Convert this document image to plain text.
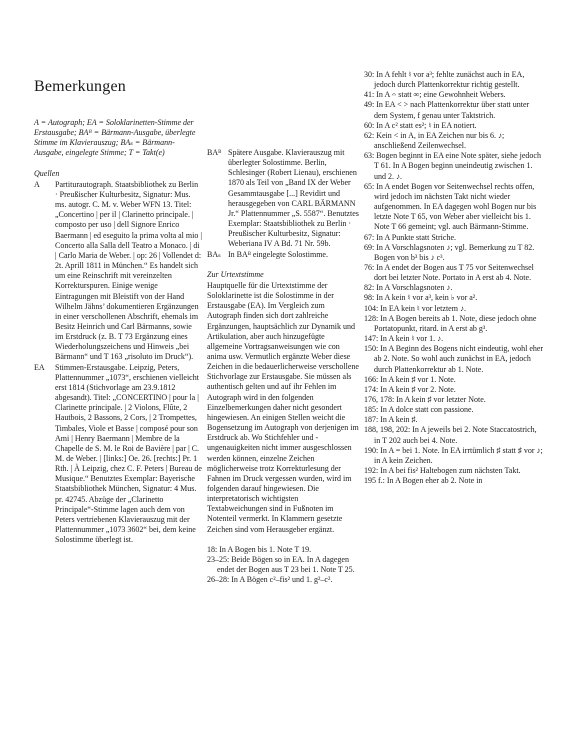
Bemerkungen

A = Autograph; EA = Soloklarinetten-Stimme der Erstausgabe; BAᴮ = Bärmann-Ausgabe, überlegte Stimme im Klavierauszug; BAₛ = Bärmann-Ausgabe, eingelegte Stimme; T = Takt(e)

Quellen
A	Partiturautograph. Staatsbibliothek zu Berlin · Preußischer Kulturbesitz, Signatur: Mus. ms. autogr. C. M. v. Weber WFN 13. Titel: „Concertino | per il | Clarinetto principale. | composto per uso | dell Signore Enrico Baermann | ed eseguito la prima volta al mio | Concerto alla Salla dell Teatro a Monaco. | di | Carlo Maria de Weber. | op: 26 | Vollendet d: 2t. Aprill 1811 in München.“ Es handelt sich um eine Reinschrift mit vereinzelten Korrekturspuren. Einige wenige Eintragungen mit Bleistift von der Hand Wilhelm Jähns’ dokumentieren Ergänzungen in einer verschollenen Abschrift, ehemals im Besitz Heinrich und Carl Bärmanns, sowie im Erstdruck (z. B. T 73 Ergänzung eines Wiederholungszeichens und Hinweis „bei Bärmann“ und T 163 „risoluto im Druck“).
EA	Stimmen-Erstausgabe. Leipzig, Peters, Plattennummer „1073“, erschienen vielleicht erst 1814 (Stichvorlage am 23.9.1812 abgesandt). Titel: „CONCERTINO | pour la | Clarinette principale. | 2 Violons, Flûte, 2 Hautbois, 2 Bassons, 2 Cors, | 2 Trompettes, Timbales, Viole et Basse | composé pour son Ami | Henry Baermann | Membre de la Chapelle de S. M. le Roi de Bavière | par | C. M. de Weber. | [links:] Oe. 26. [rechts:] Pr. 1 Rth. | À Leipzig, chez C. F. Peters | Bureau de Musique.“ Benutztes Exemplar: Bayerische Staatsbibliothek München, Signatur: 4 Mus. pr. 42745. Abzüge der „Clarinetto Principale“-Stimme lagen auch dem von Peters vertriebenen Klavierauszug mit der Plattennummer „1073 3602“ bei, dem keine Solostimme überlegt ist.
BAᴮ Spätere Ausgabe. Klavierauszug mit überlegter Solostimme. Berlin, Schlesinger (Robert Lienau), erschienen 1870 als Teil von „Band IX der Weber Gesammtausgabe [...] Revidirt und herausgegeben von CARL BÄRMANN Jr.“ Plattennummer „S. 5587“. Benutztes Exemplar: Staatsbibliothek zu Berlin · Preußischer Kulturbesitz, Signatur: Weberiana IV A Bd. 71 Nr. 59b.
BAₛ In BAᴮ eingelegte Solostimme.
Zur Urtextstimme

Hauptquelle für die Urtextstimme der Soloklarinette ist die Solostimme in der Erstausgabe (EA). Im Vergleich zum Autograph finden sich dort zahlreiche Ergänzungen, hauptsächlich zur Dynamik und Artikulation, aber auch hinzugefügte allgemeine Vortragsanweisungen wie con anima usw. Vermutlich ergänzte Weber diese Zeichen in die bedauerlicherweise verschollene Stichvorlage zur Erstausgabe. Sie müssen als authentisch gelten und auf ihr Fehlen im Autograph wird in den folgenden Einzelbemerkungen daher nicht gesondert hingewiesen. An einigen Stellen weicht die Bogensetzung im Autograph von derjenigen im Erstdruck ab. Wo Stichfehler und -ungenauigkeiten nicht immer ausgeschlossen werden können, einzelne Zeichen möglicherweise trotz Korrekturlesung der Fahnen im Druck vergessen wurden, wird im folgenden darauf hingewiesen. Die interpretatorisch wichtigsten Textabweichungen sind in Fußnoten im Notenteil vermerkt. In Klammern gesetzte Zeichen sind vom Herausgeber ergänzt.

18: In A Bogen bis 1. Note T 19.
23–25: Beide Bögen so in EA. In A dagegen endet der Bogen aus T 23 bei 1. Note T 25.
26–28: In A Bögen c²–fis² und 1. g²–c².
30: In A fehlt ♮ vor a³; fehlte zunächst auch in EA, jedoch durch Plattenkorrektur richtig gestellt.
41: In A 𝄐 statt ∞; eine Gewohnheit Webers.
49: In EA < > nach Plattenkorrektur über statt unter dem System, f genau unter Taktstrich.
60: In A c² statt es²; ♮ in EA notiert.
62: Kein < in A, in EA Zeichen nur bis 6. ♪; anschließend Zeilenwechsel.
63: Bogen beginnt in EA eine Note später, siehe jedoch T 61. In A Bogen beginn uneindeutig zwischen 1. und 2. ♪.
65: In A endet Bogen vor Seitenwechsel rechts offen, wird jedoch im nächsten Takt nicht wieder aufgenommen. In EA dagegen wohl Bogen nur bis letzte Note T 65, von Weber aber vielleicht bis 1. Note T 66 gemeint; vgl. auch Bärmann-Stimme.
67: In A Punkte statt Striche.
69: In A Vorschlagsnoten ♪; vgl. Bemerkung zu T 82. Bogen von b³ bis ♪ c³.
76: In A endet der Bogen aus T 75 vor Seitenwechsel dort bei letzter Note. Portato in A erst ab 4. Note.
82: In A Vorschlagsnoten ♪.
98: In A kein ♮ vor a³, kein ♭ vor a².
104: In EA kein ♮ vor letztem ♪.
128: In A Bogen bereits ab 1. Note, diese jedoch ohne Portatopunkt, ritard. in A erst ab g³.
147: In A kein ♮ vor 1. ♪.
150: In A Beginn des Bogens nicht eindeutig, wohl eher ab 2. Note. So wohl auch zunächst in EA, jedoch durch Plattenkorrektur ab 1. Note.
166: In A kein ♯ vor 1. Note.
174: In A kein ♯ vor 2. Note.
176, 178: In A kein ♯ vor letzter Note.
185: In A dolce statt con passione.
187: In A kein ♯.
188, 198, 202: In A jeweils bei 2. Note Staccatostrich, in T 202 auch bei 4. Note.
190: In A = bei 1. Note. In EA irrtümlich ♯ statt ♯ vor ♪; in A kein Zeichen.
192: In A bei fis² Haltebogen zum nächsten Takt.
195 f.: In A Bogen eher ab 2. Note in
